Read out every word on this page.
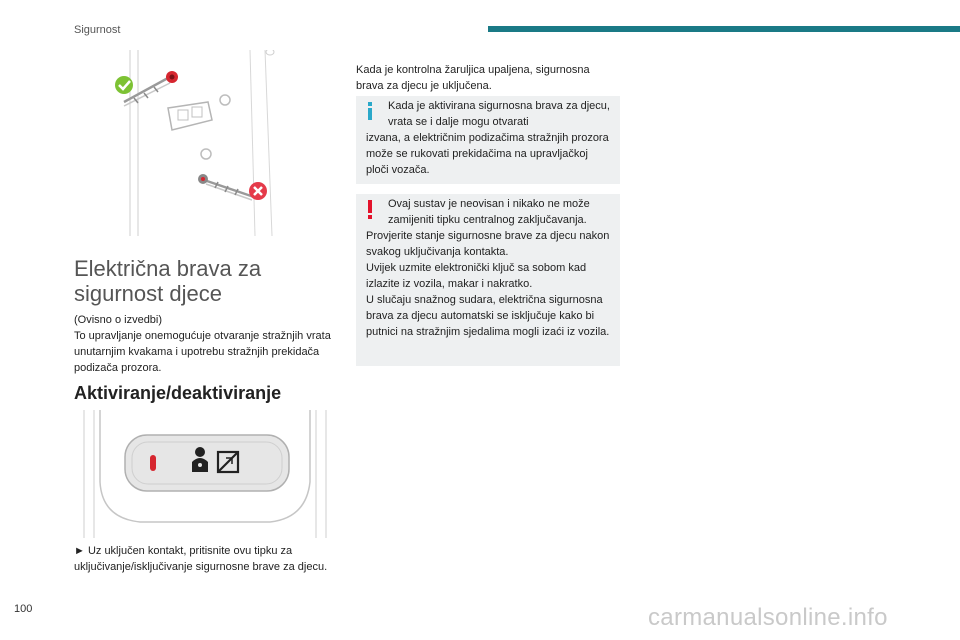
Sigurnost
Električna brava za
sigurnost djece

(Ovisno o izvedbi)

To upravljanje onemogućuje otvaranje stražnjih vrata unutarnjim kvakama i upotrebu stražnjih prekidača podizača prozora.

Aktiviranje/deaktiviranje
► Uz uključen kontakt, pritisnite ovu tipku za uključivanje/isključivanje sigurnosne brave za djecu.
Kada je kontrolna žaruljica upaljena, sigurnosna brava za djecu je uključena.

Kada je aktivirana sigurnosna brava za djecu, vrata se i dalje mogu otvarati

izvana, a električnim podizačima stražnjih prozora može se rukovati prekidačima na upravljačkoj ploči vozača.

Ovaj sustav je neovisan i nikako ne može zamijeniti tipku centralnog zaključavanja.

Provjerite stanje sigurnosne brave za djecu nakon svakog uključivanja kontakta.

Uvijek uzmite elektronički ključ sa sobom kad izlazite iz vozila, makar i nakratko.

U slučaju snažnog sudara, električna sigurnosna brava za djecu automatski se isključuje kako bi putnici na stražnjim sjedalima mogli izaći iz vozila.

100	carmanualsonline.info
